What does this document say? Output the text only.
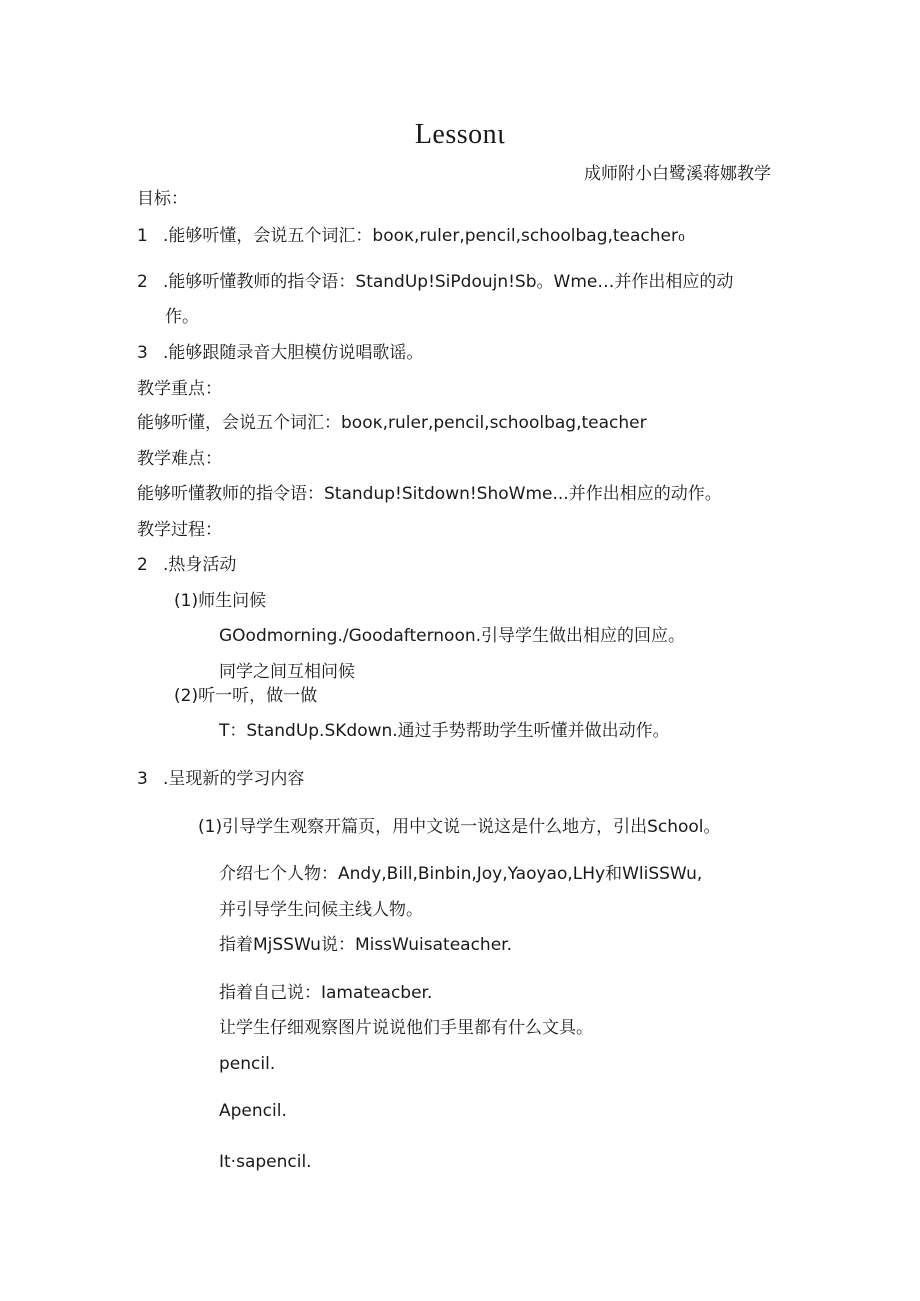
Lessonι
成师附小白鹭溪蒋娜教学
目标：
1 .能够听懂，会说五个词汇：booκ,ruler,pencil,schoolbag,teacher₀
2 .能够听懂教师的指令语：StandUp!SiPdoujn!Sb。Wme…并作出相应的动
作。
3 .能够跟随录音大胆模仿说唱歌谣。
教学重点：
能够听懂，会说五个词汇：booκ,ruler,pencil,schoolbag,teacher
教学难点：
能够听懂教师的指令语：Standup!Sitdown!ShoWme...并作出相应的动作。
教学过程：
2 .热身活动
(1)师生问候
GOodmorning./Goodafternoon.引导学生做出相应的回应。
同学之间互相问候
(2)听一听，做一做
T：StandUp.SKdown.通过手势帮助学生听懂并做出动作。
3 .呈现新的学习内容
(1)引导学生观察开篇页，用中文说一说这是什么地方，引出School。
介绍七个人物：Andy,Bill,Binbin,Joy,Yaoyao,LHy和WliSSWu,
并引导学生问候主线人物。
指着MjSSWu说：MissWuisateacher.
指着自己说：Iamateacber.
让学生仔细观察图片说说他们手里都有什么文具。
pencil.
Apencil.
It·sapencil.
